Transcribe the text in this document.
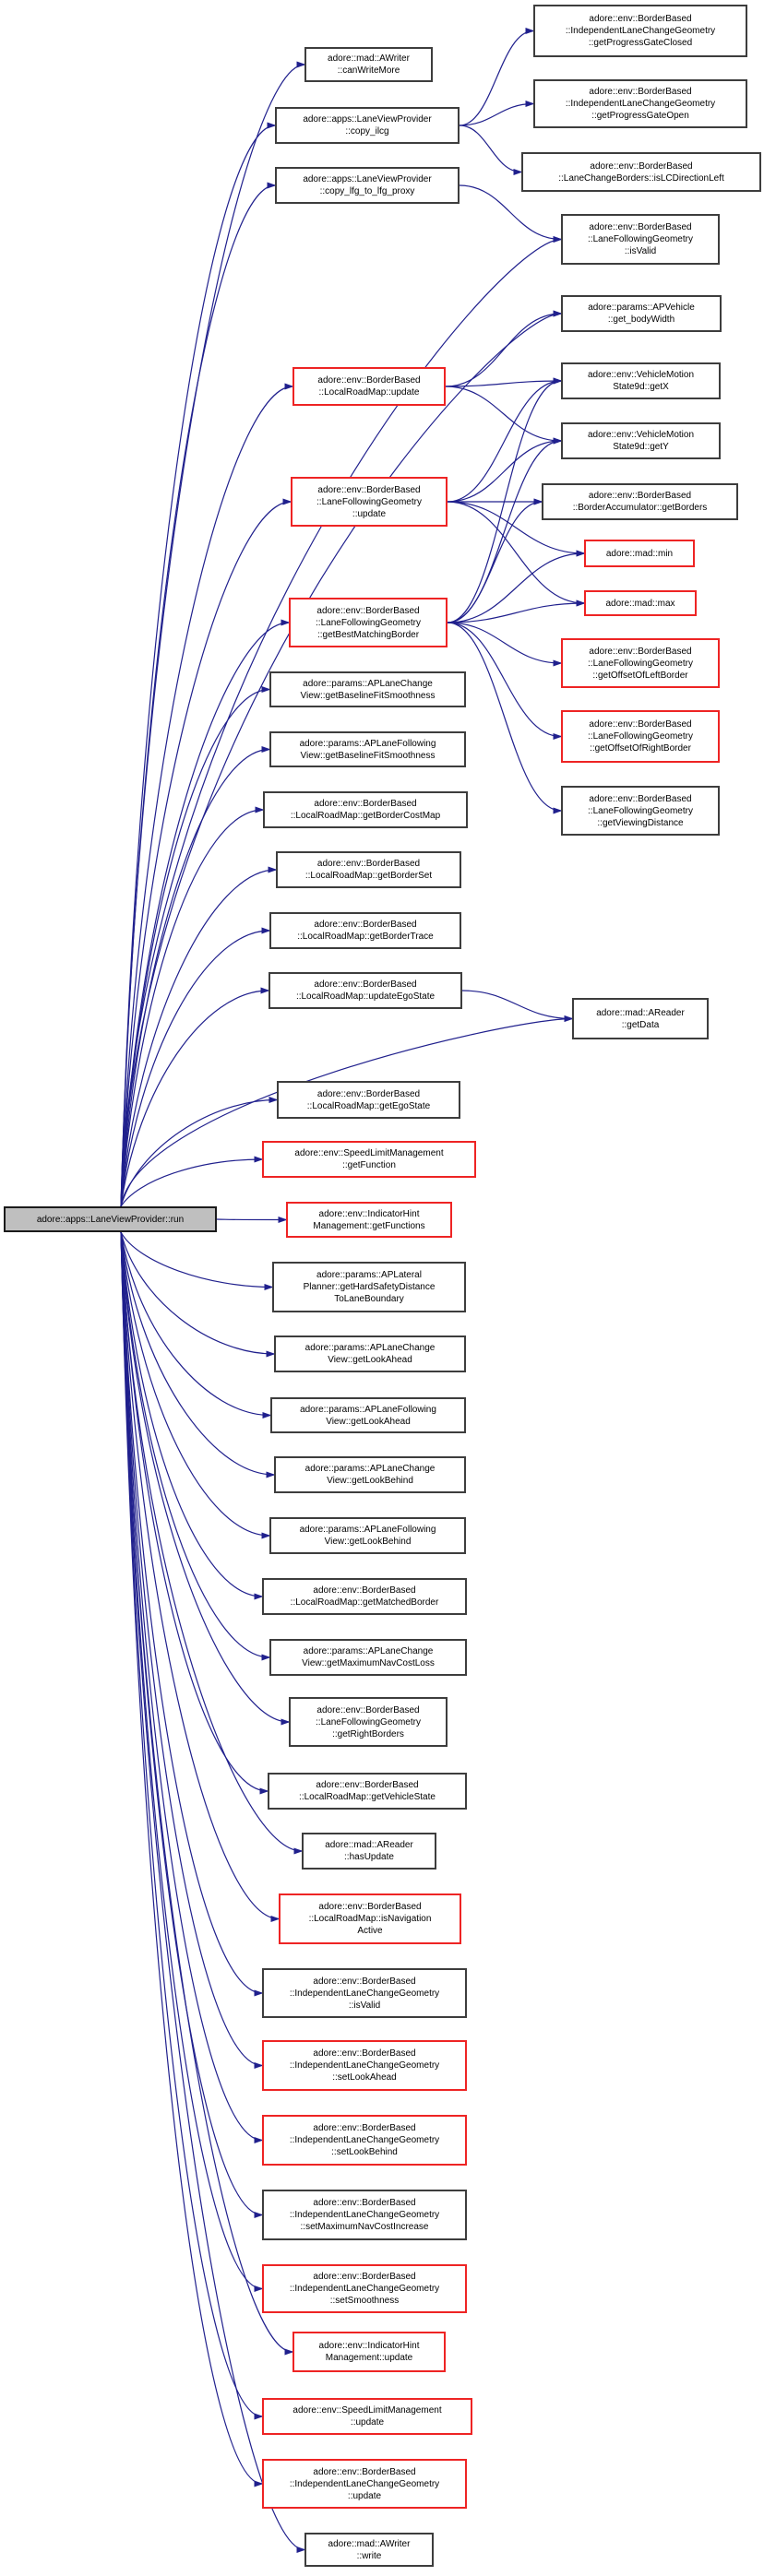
adore::apps::LaneViewProvider::run
adore::mad::AWriter
::canWriteMore
adore::apps::LaneViewProvider
::copy_ilcg
adore::apps::LaneViewProvider
::copy_lfg_to_lfg_proxy
adore::env::BorderBased
::LocalRoadMap::update
adore::env::BorderBased
::LaneFollowingGeometry
::update
adore::env::BorderBased
::LaneFollowingGeometry
::getBestMatchingBorder
adore::params::APLaneChange
View::getBaselineFitSmoothness
adore::params::APLaneFollowing
View::getBaselineFitSmoothness
adore::env::BorderBased
::LocalRoadMap::getBorderCostMap
adore::env::BorderBased
::LocalRoadMap::getBorderSet
adore::env::BorderBased
::LocalRoadMap::getBorderTrace
adore::env::BorderBased
::LocalRoadMap::updateEgoState
adore::env::BorderBased
::LocalRoadMap::getEgoState
adore::env::SpeedLimitManagement
::getFunction
adore::env::IndicatorHint
Management::getFunctions
adore::params::APLateral
Planner::getHardSafetyDistance
ToLaneBoundary
adore::params::APLaneChange
View::getLookAhead
adore::params::APLaneFollowing
View::getLookAhead
adore::params::APLaneChange
View::getLookBehind
adore::params::APLaneFollowing
View::getLookBehind
adore::env::BorderBased
::LocalRoadMap::getMatchedBorder
adore::params::APLaneChange
View::getMaximumNavCostLoss
adore::env::BorderBased
::LaneFollowingGeometry
::getRightBorders
adore::env::BorderBased
::LocalRoadMap::getVehicleState
adore::mad::AReader
::hasUpdate
adore::env::BorderBased
::LocalRoadMap::isNavigation
Active
adore::env::BorderBased
::IndependentLaneChangeGeometry
::isValid
adore::env::BorderBased
::IndependentLaneChangeGeometry
::setLookAhead
adore::env::BorderBased
::IndependentLaneChangeGeometry
::setLookBehind
adore::env::BorderBased
::IndependentLaneChangeGeometry
::setMaximumNavCostIncrease
adore::env::BorderBased
::IndependentLaneChangeGeometry
::setSmoothness
adore::env::IndicatorHint
Management::update
adore::env::SpeedLimitManagement
::update
adore::env::BorderBased
::IndependentLaneChangeGeometry
::update
adore::mad::AWriter
::write
adore::env::BorderBased
::IndependentLaneChangeGeometry
::getProgressGateClosed
adore::env::BorderBased
::IndependentLaneChangeGeometry
::getProgressGateOpen
adore::env::BorderBased
::LaneChangeBorders::isLCDirectionLeft
adore::env::BorderBased
::LaneFollowingGeometry
::isValid
adore::params::APVehicle
::get_bodyWidth
adore::env::VehicleMotion
State9d::getX
adore::env::VehicleMotion
State9d::getY
adore::env::BorderBased
::BorderAccumulator::getBorders
adore::mad::min
adore::mad::max
adore::env::BorderBased
::LaneFollowingGeometry
::getOffsetOfLeftBorder
adore::env::BorderBased
::LaneFollowingGeometry
::getOffsetOfRightBorder
adore::env::BorderBased
::LaneFollowingGeometry
::getViewingDistance
adore::mad::AReader
::getData
